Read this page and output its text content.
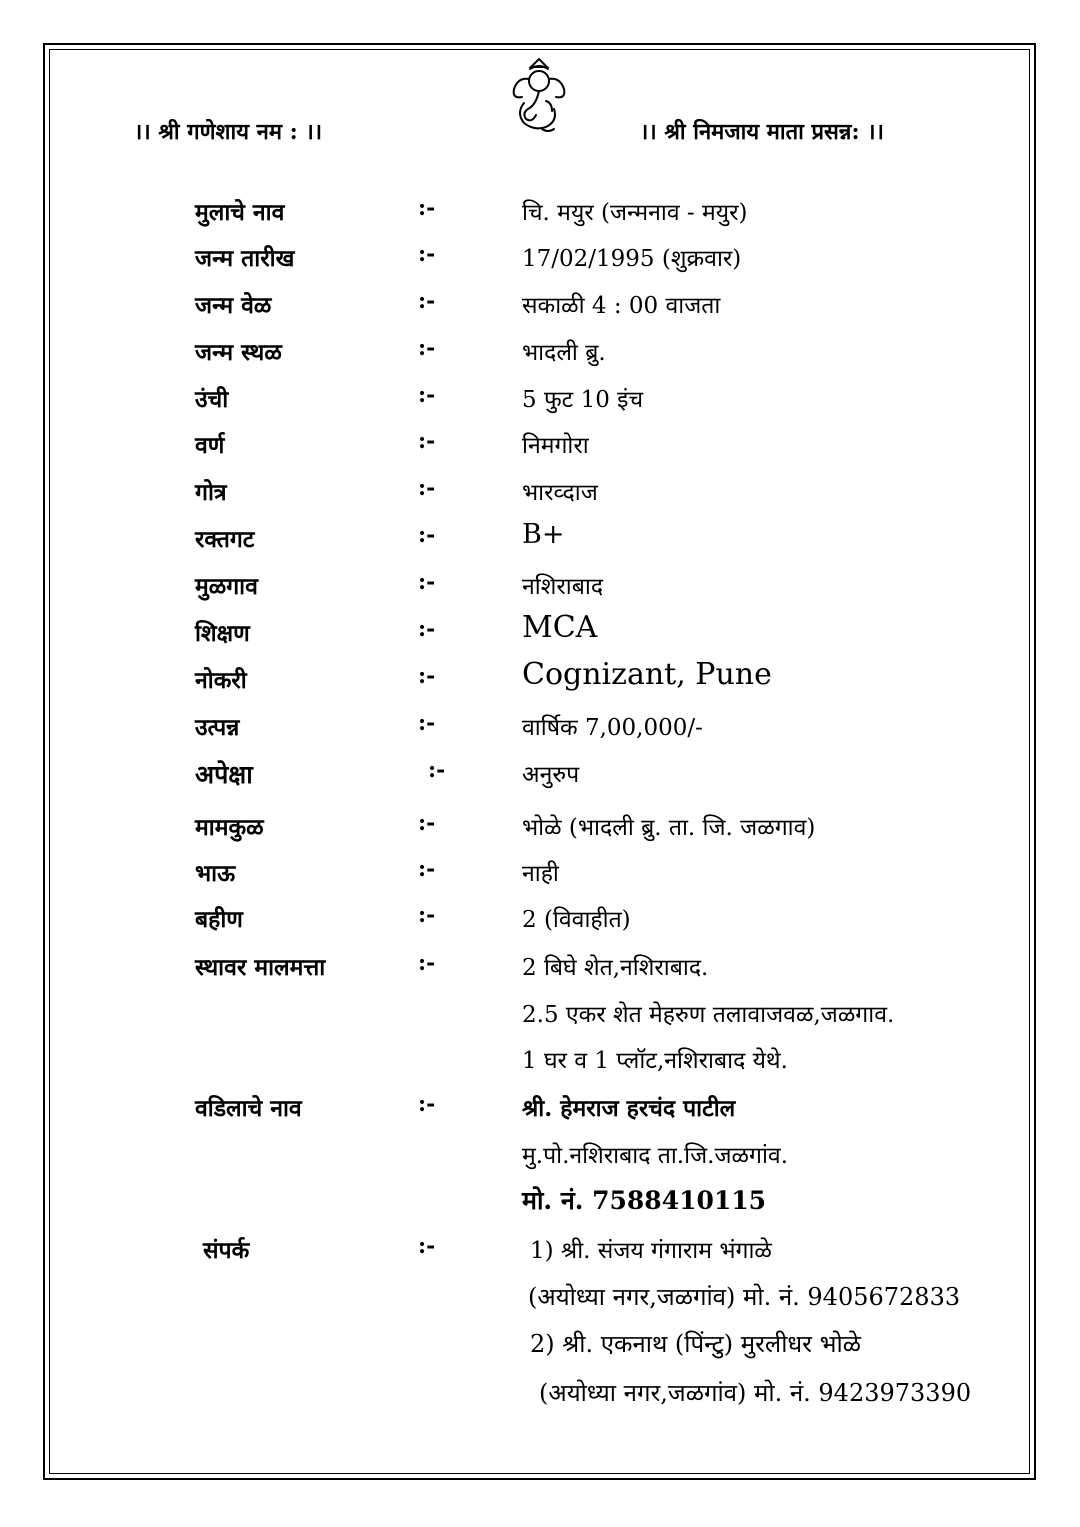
।। श्री गणेशाय नम : ।।	।। श्री निमजाय माता प्रसन्न: ।।
मुलाचे नाव	:-	चि. मयुर (जन्मनाव - मयुर)
जन्म तारीख	:-	17/02/1995 (शुक्रवार)
जन्म वेळ	:-	सकाळी 4 : 00 वाजता
जन्म स्थळ	:-	भादली ब्रु.
उंची	:-	5 फुट 10 इंच
वर्ण	:-	निमगोरा
गोत्र	:-	भारव्दाज
रक्तगट	:-	B+
मुळगाव	:-	नशिराबाद
शिक्षण	:-	MCA
नोकरी	:-	Cognizant, Pune
उत्पन्न	:-	वार्षिक 7,00,000/-
अपेक्षा	:-	अनुरुप
मामकुळ	:-	भोळे (भादली ब्रु. ता. जि. जळगाव)
भाऊ	:-	नाही
बहीण	:-	2 (विवाहीत)
स्थावर मालमत्ता	:-	2 बिघे शेत,नशिराबाद.
2.5 एकर शेत मेहरुण तलावाजवळ,जळगाव.
1 घर व 1 प्लॉट,नशिराबाद येथे.
वडिलाचे नाव	:-	श्री. हेमराज हरचंद पाटील
मु.पो.नशिराबाद ता.जि.जळगांव.
मो. नं. 7588410115
संपर्क	:-	1) श्री. संजय गंगाराम भंगाळे
(अयोध्या नगर,जळगांव) मो. नं. 9405672833
2) श्री. एकनाथ (पिंन्टु) मुरलीधर भोळे
(अयोध्या नगर,जळगांव) मो. नं. 9423973390
